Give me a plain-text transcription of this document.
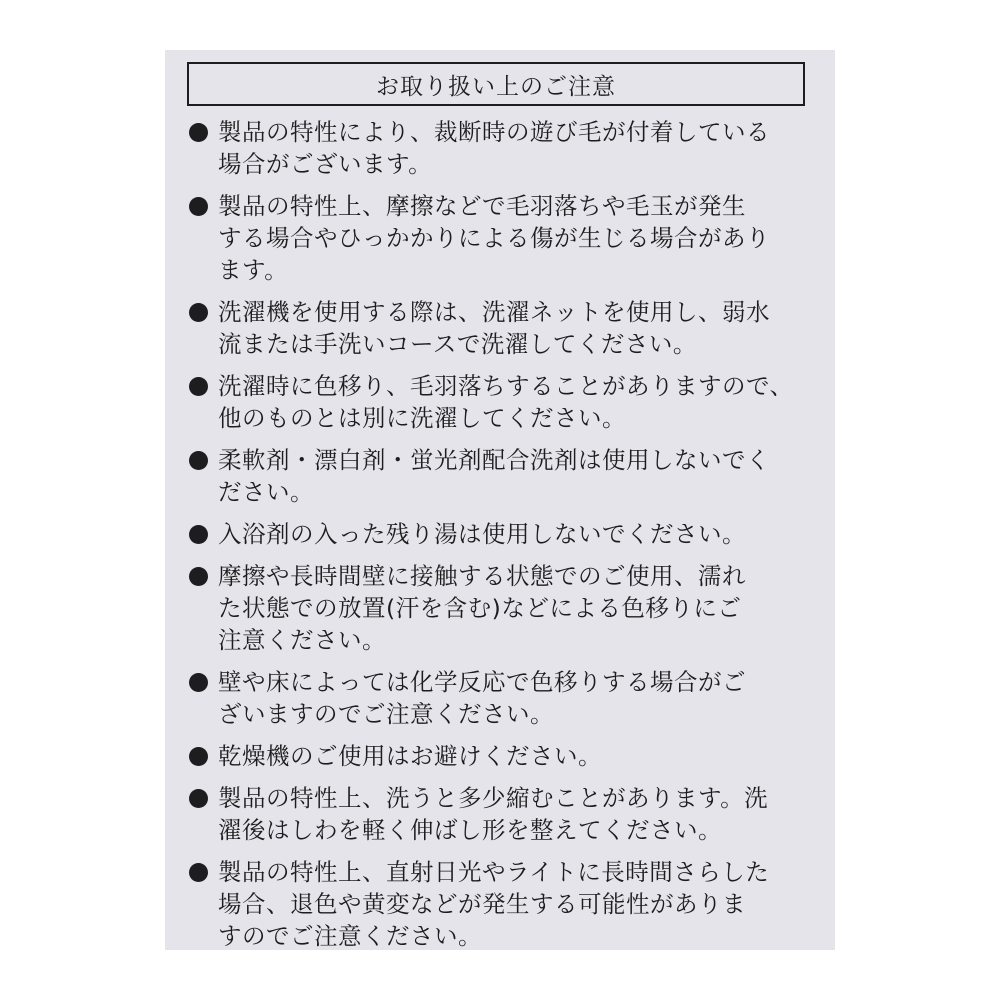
お取り扱い上のご注意
製品の特性により、裁断時の遊び毛が付着している
場合がございます。
製品の特性上、摩擦などで毛羽落ちや毛玉が発生
する場合やひっかかりによる傷が生じる場合があり
ます。
洗濯機を使用する際は、洗濯ネットを使用し、弱水
流または手洗いコースで洗濯してください。
洗濯時に色移り、毛羽落ちすることがありますので、
他のものとは別に洗濯してください。
柔軟剤・漂白剤・蛍光剤配合洗剤は使用しないでく
ださい。
入浴剤の入った残り湯は使用しないでください。
摩擦や長時間壁に接触する状態でのご使用、濡れ
た状態での放置(汗を含む)などによる色移りにご
注意ください。
壁や床によっては化学反応で色移りする場合がご
ざいますのでご注意ください。
乾燥機のご使用はお避けください。
製品の特性上、洗うと多少縮むことがあります。洗
濯後はしわを軽く伸ばし形を整えてください。
製品の特性上、直射日光やライトに長時間さらした
場合、退色や黄変などが発生する可能性がありま
すのでご注意ください。
